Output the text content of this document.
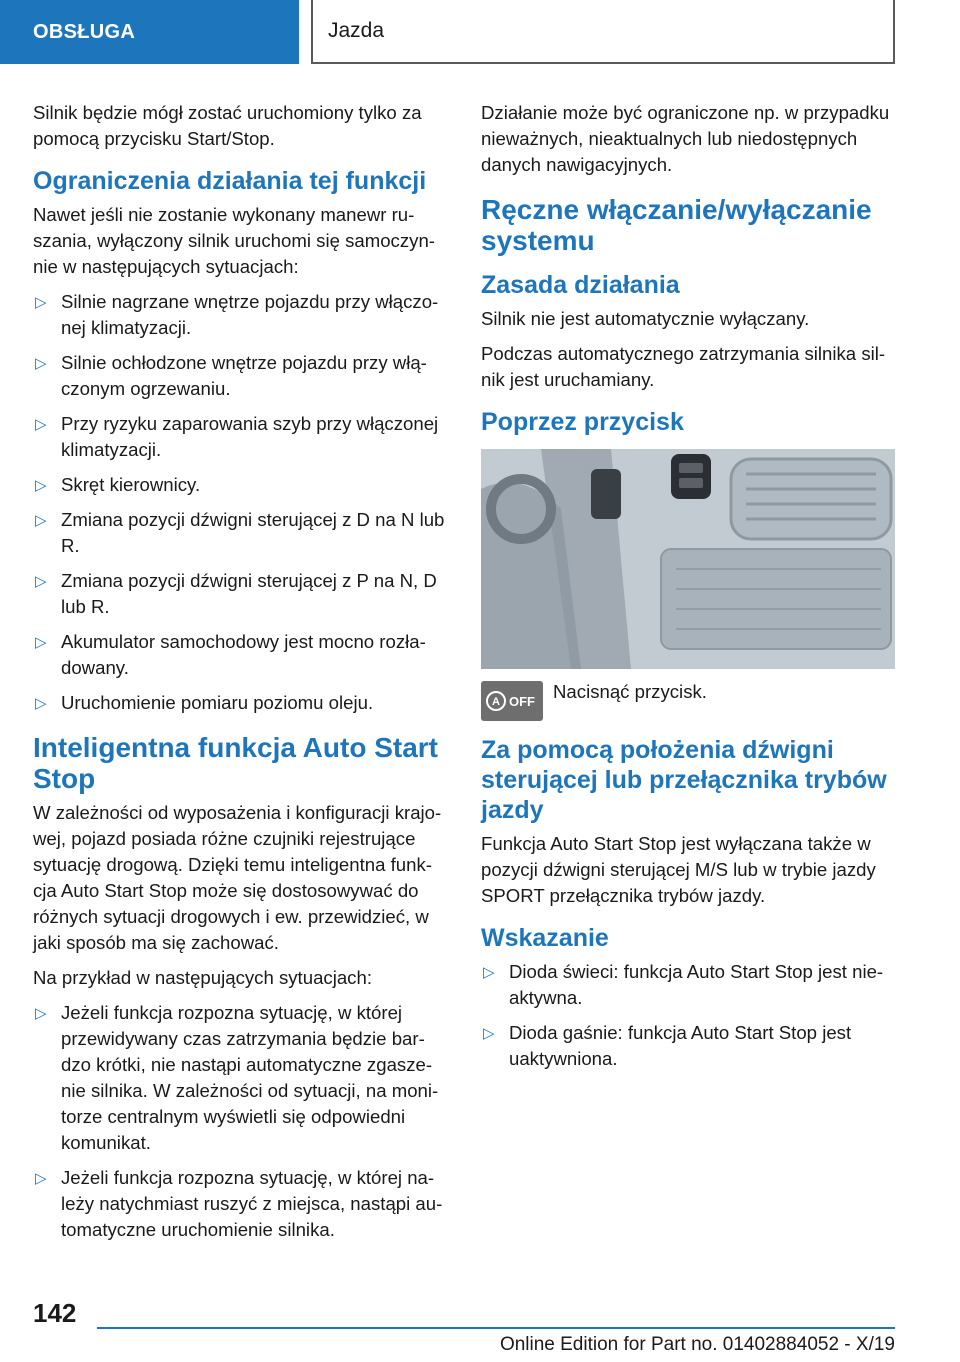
OBSŁUGA	Jazda

Silnik będzie mógł zostać uruchomiony tylko za pomocą przycisku Start/Stop.

Ograniczenia działania tej funkcji

Nawet jeśli nie zostanie wykonany manewr ru-szania, wyłączony silnik uruchomi się samoczyn-nie w następujących sytuacjach:

▷ Silnie nagrzane wnętrze pojazdu przy włączo-nej klimatyzacji.
▷ Silnie ochłodzone wnętrze pojazdu przy włą-czonym ogrzewaniu.
▷ Przy ryzyku zaparowania szyb przy włączonej klimatyzacji.
▷ Skręt kierownicy.
▷ Zmiana pozycji dźwigni sterującej z D na N lub R.
▷ Zmiana pozycji dźwigni sterującej z P na N, D lub R.
▷ Akumulator samochodowy jest mocno rozła-dowany.
▷ Uruchomienie pomiaru poziomu oleju.
Inteligentna funkcja Auto Start Stop

W zależności od wyposażenia i konfiguracji krajo-wej, pojazd posiada różne czujniki rejestrujące sytuację drogową. Dzięki temu inteligentna funk-cja Auto Start Stop może się dostosowywać do różnych sytuacji drogowych i ew. przewidzieć, w jaki sposób ma się zachować.

Na przykład w następujących sytuacjach:

▷ Jeżeli funkcja rozpozna sytuację, w której przewidywany czas zatrzymania będzie bar-dzo krótki, nie nastąpi automatyczne zgasze-nie silnika. W zależności od sytuacji, na moni-torze centralnym wyświetli się odpowiedni komunikat.
▷ Jeżeli funkcja rozpozna sytuację, w której na-leży natychmiast ruszyć z miejsca, nastąpi au-tomatyczne uruchomienie silnika.

Działanie może być ograniczone np. w przypadku nieważnych, nieaktualnych lub niedostępnych danych nawigacyjnych.

Ręczne włączanie/wyłączanie systemu
Zasada działania

Silnik nie jest automatycznie wyłączany.

Podczas automatycznego zatrzymania silnika sil-nik jest uruchamiany.

Poprzez przycisk
A OFF Nacisnąć przycisk.

Za pomocą położenia dźwigni sterującej lub przełącznika trybów jazdy

Funkcja Auto Start Stop jest wyłączana także w pozycji dźwigni sterującej M/S lub w trybie jazdy SPORT przełącznika trybów jazdy.

Wskazanie
▷ Dioda świeci: funkcja Auto Start Stop jest nie-aktywna.
▷ Dioda gaśnie: funkcja Auto Start Stop jest uaktywniona.
142
Online Edition for Part no. 01402884052 - X/19
